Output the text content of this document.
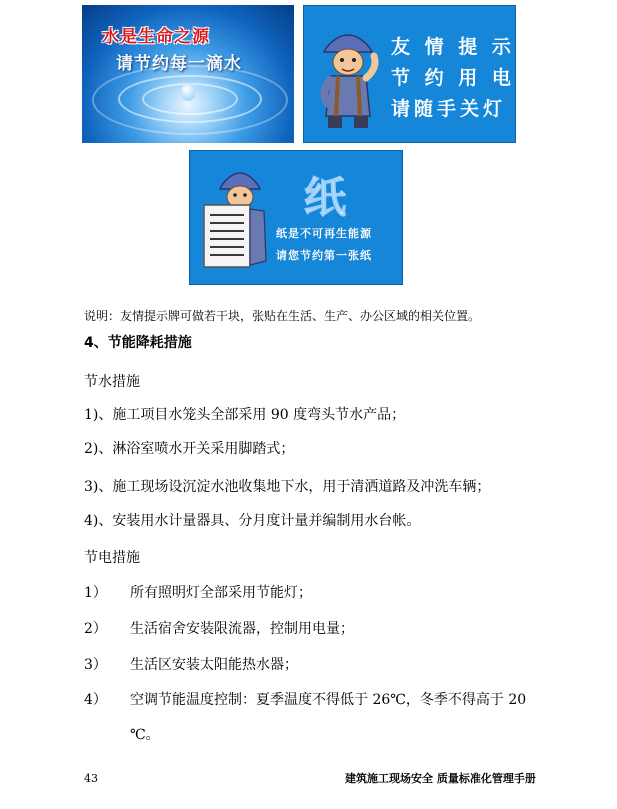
水是生命之源
请节约每一滴水
友 情 提 示
节 约 用 电
请随手关灯
纸
纸是不可再生能源
请您节约第一张纸
说明：友情提示牌可做若干块，张贴在生活、生产、办公区域的相关位置。
4、节能降耗措施
节水措施
1)、施工项目水笼头全部采用 90 度弯头节水产品；
2)、淋浴室喷水开关采用脚踏式；
3)、施工现场设沉淀水池收集地下水，用于清洒道路及冲洗车辆；
4)、安装用水计量器具、分月度计量并编制用水台帐。
节电措施
1） 所有照明灯全部采用节能灯；
2） 生活宿舍安装限流器，控制用电量；
3） 生活区安装太阳能热水器；
4） 空调节能温度控制：夏季温度不得低于 26℃，冬季不得高于 20
℃。
43	建筑施工现场安全 质量标准化管理手册
